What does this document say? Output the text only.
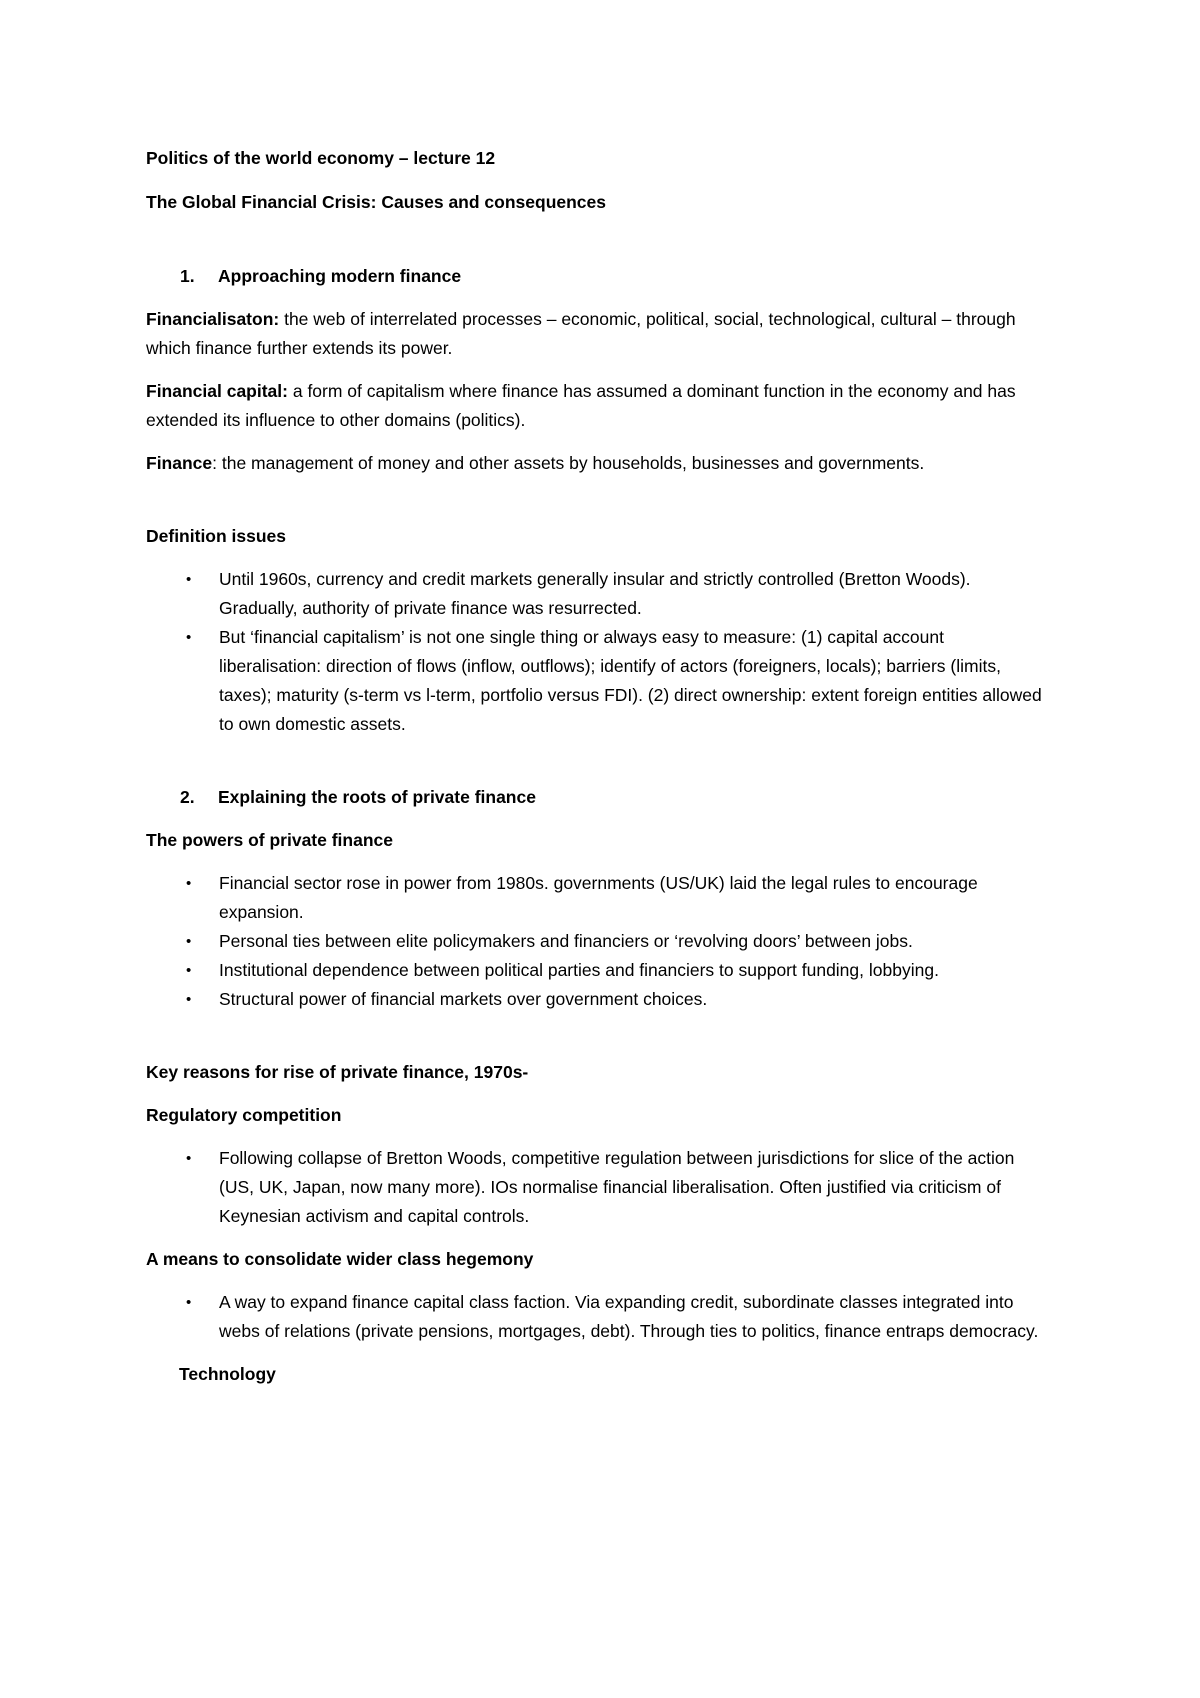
Politics of the world economy – lecture 12

The Global Financial Crisis: Causes and consequences

1.	Approaching modern finance

Financialisaton: the web of interrelated processes – economic, political, social, technological, cultural – through which finance further extends its power.

Financial capital: a form of capitalism where finance has assumed a dominant function in the economy and has extended its influence to other domains (politics).

Finance: the management of money and other assets by households, businesses and governments.

Definition issues

• Until 1960s, currency and credit markets generally insular and strictly controlled (Bretton Woods). Gradually, authority of private finance was resurrected.
• But ‘financial capitalism’ is not one single thing or always easy to measure: (1) capital account liberalisation: direction of flows (inflow, outflows); identify of actors (foreigners, locals); barriers (limits, taxes); maturity (s-term vs l-term, portfolio versus FDI). (2) direct ownership: extent foreign entities allowed to own domestic assets.
2.	Explaining the roots of private finance

The powers of private finance

• Financial sector rose in power from 1980s. governments (US/UK) laid the legal rules to encourage expansion.
• Personal ties between elite policymakers and financiers or ‘revolving doors’ between jobs.
• Institutional dependence between political parties and financiers to support funding, lobbying.
• Structural power of financial markets over government choices.

Key reasons for rise of private finance, 1970s-

Regulatory competition

• Following collapse of Bretton Woods, competitive regulation between jurisdictions for slice of the action (US, UK, Japan, now many more). IOs normalise financial liberalisation. Often justified via criticism of Keynesian activism and capital controls.

A means to consolidate wider class hegemony

• A way to expand finance capital class faction. Via expanding credit, subordinate classes integrated into webs of relations (private pensions, mortgages, debt). Through ties to politics, finance entraps democracy.

Technology
